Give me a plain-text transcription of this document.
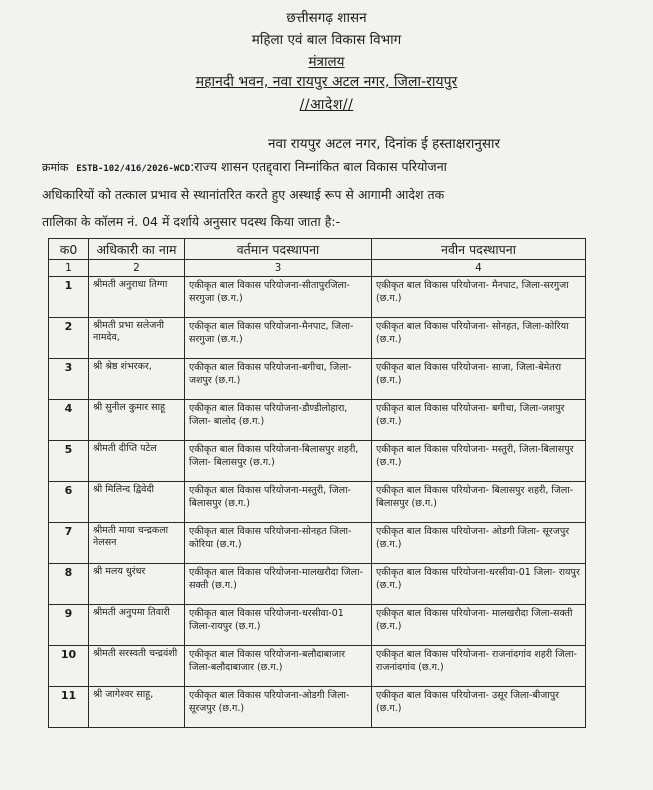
छत्तीसगढ़ शासन
महिला एवं बाल विकास विभाग
मंत्रालय
महानदी भवन, नवा रायपुर अटल नगर, जिला-रायपुर
//आदेश//
नवा रायपुर अटल नगर, दिनांक ई हस्ताक्षरानुसार
क्रमांक ESTB-102/416/2026-WCD:राज्य शासन एतद्द्वारा निम्नांकित बाल विकास परियोजना
अधिकारियों को तत्काल प्रभाव से स्थानांतरित करते हुए अस्थाई रूप से आगामी आदेश तक
तालिका के कॉलम नं. 04 में दर्शाये अनुसार पदस्थ किया जाता है:-
क0	अधिकारी का नाम	वर्तमान पदस्थापना	नवीन पदस्थापना
1	2	3	4
1	श्रीमती अनुराधा तिग्गा	एकीकृत बाल विकास परियोजना-सीतापुरजिला- सरगुजा (छ.ग.)	एकीकृत बाल विकास परियोजना- मैनपाट, जिला-सरगुजा (छ.ग.)
2	श्रीमती प्रभा सलेजनी नामदेव,	एकीकृत बाल विकास परियोजना-मैनपाट, जिला-सरगुजा (छ.ग.)	एकीकृत बाल विकास परियोजना- सोनहत, जिला-कोरिया (छ.ग.)
3	श्री श्रेष्ठ शंभरकर,	एकीकृत बाल विकास परियोजना-बगीचा, जिला-जशपुर (छ.ग.)	एकीकृत बाल विकास परियोजना- साजा, जिला-बेमेतरा (छ.ग.)
4	श्री सुनील कुमार साहू	एकीकृत बाल विकास परियोजना-डौण्डीलोहारा, जिला- बालोद (छ.ग.)	एकीकृत बाल विकास परियोजना- बगीचा, जिला-जशपुर (छ.ग.)
5	श्रीमती दीप्ति पटेल	एकीकृत बाल विकास परियोजना-बिलासपुर शहरी, जिला- बिलासपुर (छ.ग.)	एकीकृत बाल विकास परियोजना- मस्तुरी, जिला-बिलासपुर (छ.ग.)
6	श्री मिलिन्द द्विवेदी	एकीकृत बाल विकास परियोजना-मस्तुरी, जिला-बिलासपुर (छ.ग.)	एकीकृत बाल विकास परियोजना- बिलासपुर शहरी, जिला- बिलासपुर (छ.ग.)
7	श्रीमती माया चन्द्रकला नेलसन	एकीकृत बाल विकास परियोजना-सोनहत जिला-कोरिया (छ.ग.)	एकीकृत बाल विकास परियोजना- ओडगी जिला- सूरजपुर (छ.ग.)
8	श्री मलय धुरंधर	एकीकृत बाल विकास परियोजना-मालखरौदा जिला-सक्ती (छ.ग.)	एकीकृत बाल विकास परियोजना-धरसीवा-01 जिला- रायपुर (छ.ग.)
9	श्रीमती अनुपमा तिवारी	एकीकृत बाल विकास परियोजना-धरसीवा-01 जिला-रायपुर (छ.ग.)	एकीकृत बाल विकास परियोजना- मालखरौदा जिला-सक्ती (छ.ग.)
10	श्रीमती सरस्वती चन्द्रवंशी	एकीकृत बाल विकास परियोजना-बलौदाबाजार जिला-बलौदाबाजार (छ.ग.)	एकीकृत बाल विकास परियोजना- राजनांदगांव शहरी जिला- राजनांदगांव (छ.ग.)
11	श्री जागेश्वर साहू,	एकीकृत बाल विकास परियोजना-ओडगी जिला-सूरजपुर (छ.ग.)	एकीकृत बाल विकास परियोजना- उसूर जिला-बीजापुर (छ.ग.)
